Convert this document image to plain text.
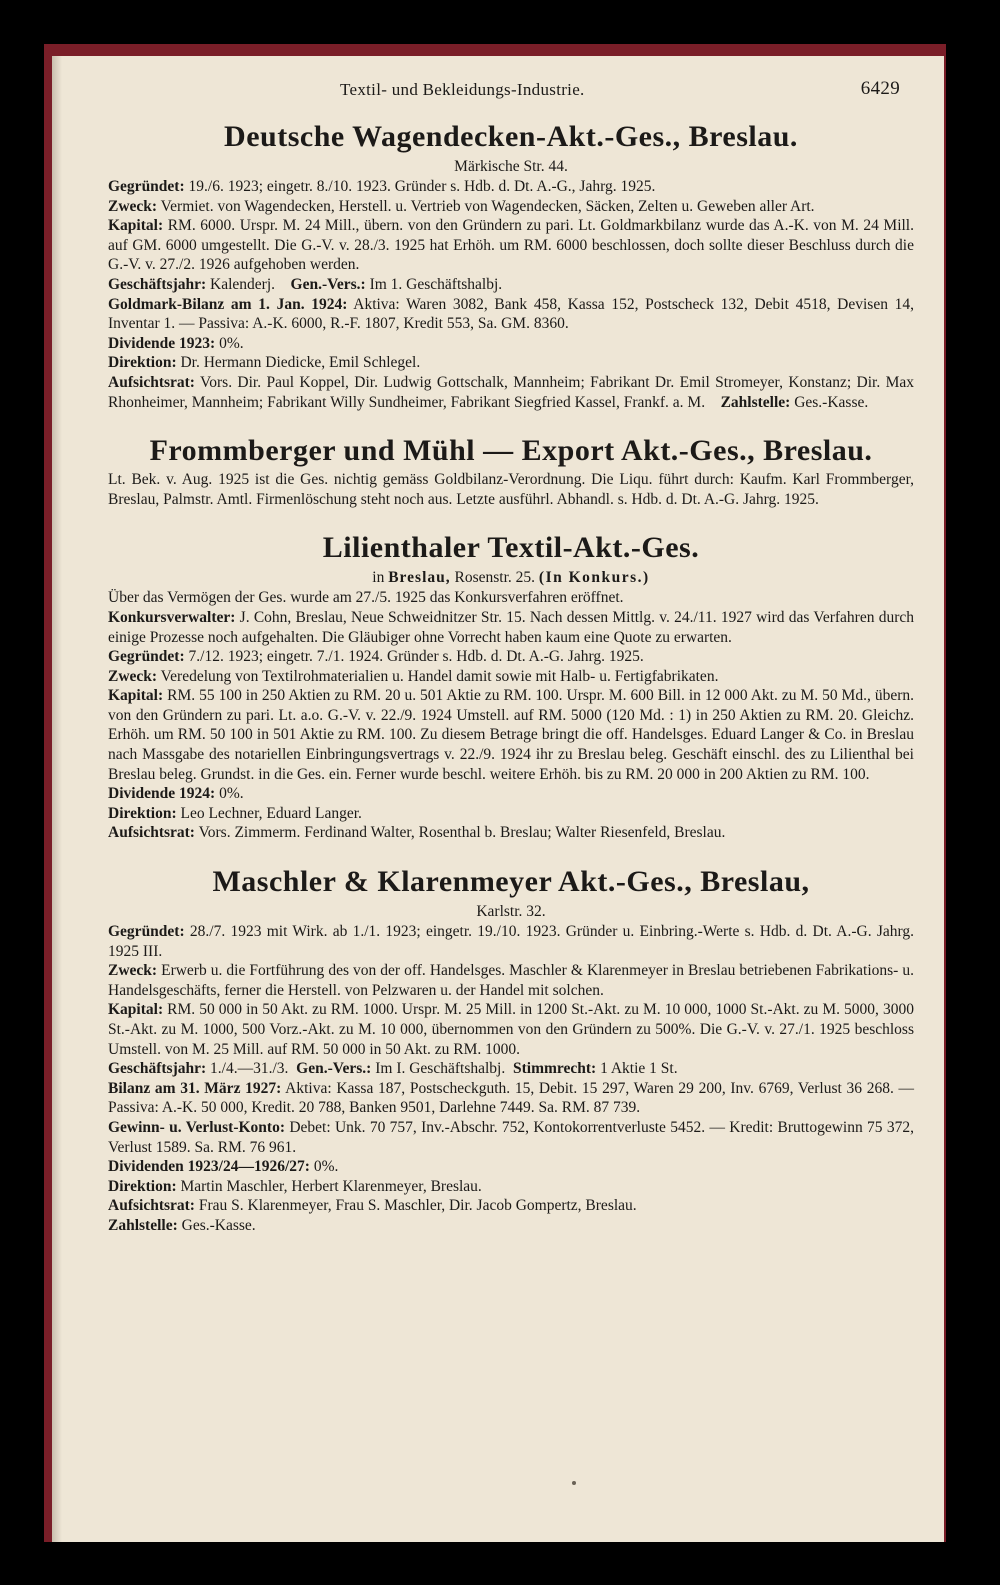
Textil- und Bekleidungs-Industrie.	6429
Deutsche Wagendecken-Akt.-Ges., Breslau.
Märkische Str. 44.

Gegründet: 19./6. 1923; eingetr. 8./10. 1923. Gründer s. Hdb. d. Dt. A.-G., Jahrg. 1925.

Zweck: Vermiet. von Wagendecken, Herstell. u. Vertrieb von Wagendecken, Säcken, Zelten u. Geweben aller Art.

Kapital: RM. 6000. Urspr. M. 24 Mill., übern. von den Gründern zu pari. Lt. Goldmarkbilanz wurde das A.-K. von M. 24 Mill. auf GM. 6000 umgestellt. Die G.-V. v. 28./3. 1925 hat Erhöh. um RM. 6000 beschlossen, doch sollte dieser Beschluss durch die G.-V. v. 27./2. 1926 aufgehoben werden.

Geschäftsjahr: Kalenderj.    Gen.-Vers.: Im 1. Geschäftshalbj.

Goldmark-Bilanz am 1. Jan. 1924: Aktiva: Waren 3082, Bank 458, Kassa 152, Postscheck 132, Debit 4518, Devisen 14, Inventar 1. — Passiva: A.-K. 6000, R.-F. 1807, Kredit 553, Sa. GM. 8360.

Dividende 1923: 0%.

Direktion: Dr. Hermann Diedicke, Emil Schlegel.

Aufsichtsrat: Vors. Dir. Paul Koppel, Dir. Ludwig Gottschalk, Mannheim; Fabrikant Dr. Emil Stromeyer, Konstanz; Dir. Max Rhonheimer, Mannheim; Fabrikant Willy Sundheimer, Fabrikant Siegfried Kassel, Frankf. a. M.    Zahlstelle: Ges.-Kasse.

Frommberger und Mühl — Export Akt.-Ges., Breslau.

Lt. Bek. v. Aug. 1925 ist die Ges. nichtig gemäss Goldbilanz-Verordnung. Die Liqu. führt durch: Kaufm. Karl Frommberger, Breslau, Palmstr. Amtl. Firmenlöschung steht noch aus. Letzte ausführl. Abhandl. s. Hdb. d. Dt. A.-G. Jahrg. 1925.

Lilienthaler Textil-Akt.-Ges.
in Breslau, Rosenstr. 25. (In Konkurs.)

Über das Vermögen der Ges. wurde am 27./5. 1925 das Konkursverfahren eröffnet.

Konkursverwalter: J. Cohn, Breslau, Neue Schweidnitzer Str. 15. Nach dessen Mittlg. v. 24./11. 1927 wird das Verfahren durch einige Prozesse noch aufgehalten. Die Gläubiger ohne Vorrecht haben kaum eine Quote zu erwarten.

Gegründet: 7./12. 1923; eingetr. 7./1. 1924. Gründer s. Hdb. d. Dt. A.-G. Jahrg. 1925.

Zweck: Veredelung von Textilrohmaterialien u. Handel damit sowie mit Halb- u. Fertigfabrikaten.

Kapital: RM. 55 100 in 250 Aktien zu RM. 20 u. 501 Aktie zu RM. 100. Urspr. M. 600 Bill. in 12 000 Akt. zu M. 50 Md., übern. von den Gründern zu pari. Lt. a.o. G.-V. v. 22./9. 1924 Umstell. auf RM. 5000 (120 Md. : 1) in 250 Aktien zu RM. 20. Gleichz. Erhöh. um RM. 50 100 in 501 Aktie zu RM. 100. Zu diesem Betrage bringt die off. Handelsges. Eduard Langer & Co. in Breslau nach Massgabe des notariellen Einbringungsvertrags v. 22./9. 1924 ihr zu Breslau beleg. Geschäft einschl. des zu Lilienthal bei Breslau beleg. Grundst. in die Ges. ein. Ferner wurde beschl. weitere Erhöh. bis zu RM. 20 000 in 200 Aktien zu RM. 100.

Dividende 1924: 0%.

Direktion: Leo Lechner, Eduard Langer.

Aufsichtsrat: Vors. Zimmerm. Ferdinand Walter, Rosenthal b. Breslau; Walter Riesenfeld, Breslau.

Maschler & Klarenmeyer Akt.-Ges., Breslau,
Karlstr. 32.

Gegründet: 28./7. 1923 mit Wirk. ab 1./1. 1923; eingetr. 19./10. 1923. Gründer u. Einbring.-Werte s. Hdb. d. Dt. A.-G. Jahrg. 1925 III.

Zweck: Erwerb u. die Fortführung des von der off. Handelsges. Maschler & Klarenmeyer in Breslau betriebenen Fabrikations- u. Handelsgeschäfts, ferner die Herstell. von Pelzwaren u. der Handel mit solchen.

Kapital: RM. 50 000 in 50 Akt. zu RM. 1000. Urspr. M. 25 Mill. in 1200 St.-Akt. zu M. 10 000, 1000 St.-Akt. zu M. 5000, 3000 St.-Akt. zu M. 1000, 500 Vorz.-Akt. zu M. 10 000, übernommen von den Gründern zu 500%. Die G.-V. v. 27./1. 1925 beschloss Umstell. von M. 25 Mill. auf RM. 50 000 in 50 Akt. zu RM. 1000.

Geschäftsjahr: 1./4.—31./3.  Gen.-Vers.: Im I. Geschäftshalbj.  Stimmrecht: 1 Aktie 1 St.

Bilanz am 31. März 1927: Aktiva: Kassa 187, Postscheckguth. 15, Debit. 15 297, Waren 29 200, Inv. 6769, Verlust 36 268. — Passiva: A.-K. 50 000, Kredit. 20 788, Banken 9501, Darlehne 7449. Sa. RM. 87 739.

Gewinn- u. Verlust-Konto: Debet: Unk. 70 757, Inv.-Abschr. 752, Kontokorrentverluste 5452. — Kredit: Bruttogewinn 75 372, Verlust 1589. Sa. RM. 76 961.

Dividenden 1923/24—1926/27: 0%.

Direktion: Martin Maschler, Herbert Klarenmeyer, Breslau.

Aufsichtsrat: Frau S. Klarenmeyer, Frau S. Maschler, Dir. Jacob Gompertz, Breslau.

Zahlstelle: Ges.-Kasse.
